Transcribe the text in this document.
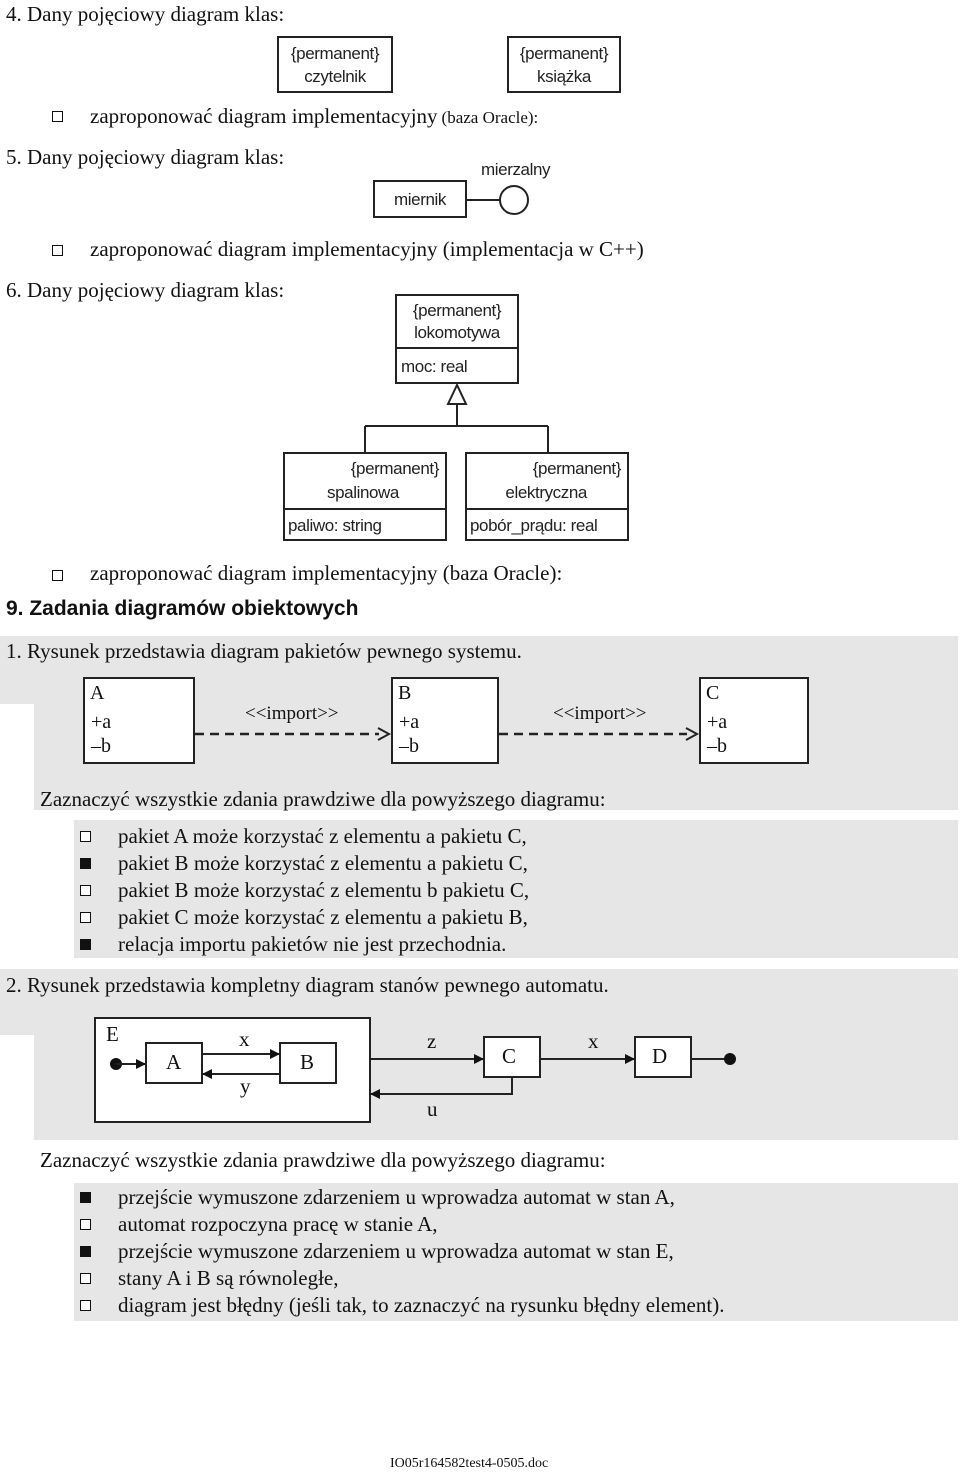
4. Dany pojęciowy diagram klas:
{permanent}
czytelnik
{permanent}
książka
zaproponować diagram implementacyjny (baza Oracle):
5. Dany pojęciowy diagram klas:
miernik
mierzalny
zaproponować diagram implementacyjny (implementacja w C++)
6. Dany pojęciowy diagram klas:
{permanent}
lokomotywa
moc: real
{permanent}
spalinowa
paliwo: string
{permanent}
elektryczna
pobór_prądu: real
zaproponować diagram implementacyjny (baza Oracle):
9. Zadania diagramów obiektowych
1. Rysunek przedstawia diagram pakietów pewnego systemu.
A
+a
–b
B
+a
–b
C
+a
–b
<<import>>	<<import>>
Zaznaczyć wszystkie zdania prawdziwe dla powyższego diagramu:
pakiet A może korzystać z elementu a pakietu C,
pakiet B może korzystać z elementu a pakietu C,
pakiet B może korzystać z elementu b pakietu C,
pakiet C może korzystać z elementu a pakietu B,
relacja importu pakietów nie jest przechodnia.
2. Rysunek przedstawia kompletny diagram stanów pewnego automatu.
E
A	B	C	D
x
y
z	x
u
Zaznaczyć wszystkie zdania prawdziwe dla powyższego diagramu:
przejście wymuszone zdarzeniem u wprowadza automat w stan A,
automat rozpoczyna pracę w stanie A,
przejście wymuszone zdarzeniem u wprowadza automat w stan E,
stany A i B są równoległe,
diagram jest błędny (jeśli tak, to zaznaczyć na rysunku błędny element).
IO05r164582test4-0505.doc
